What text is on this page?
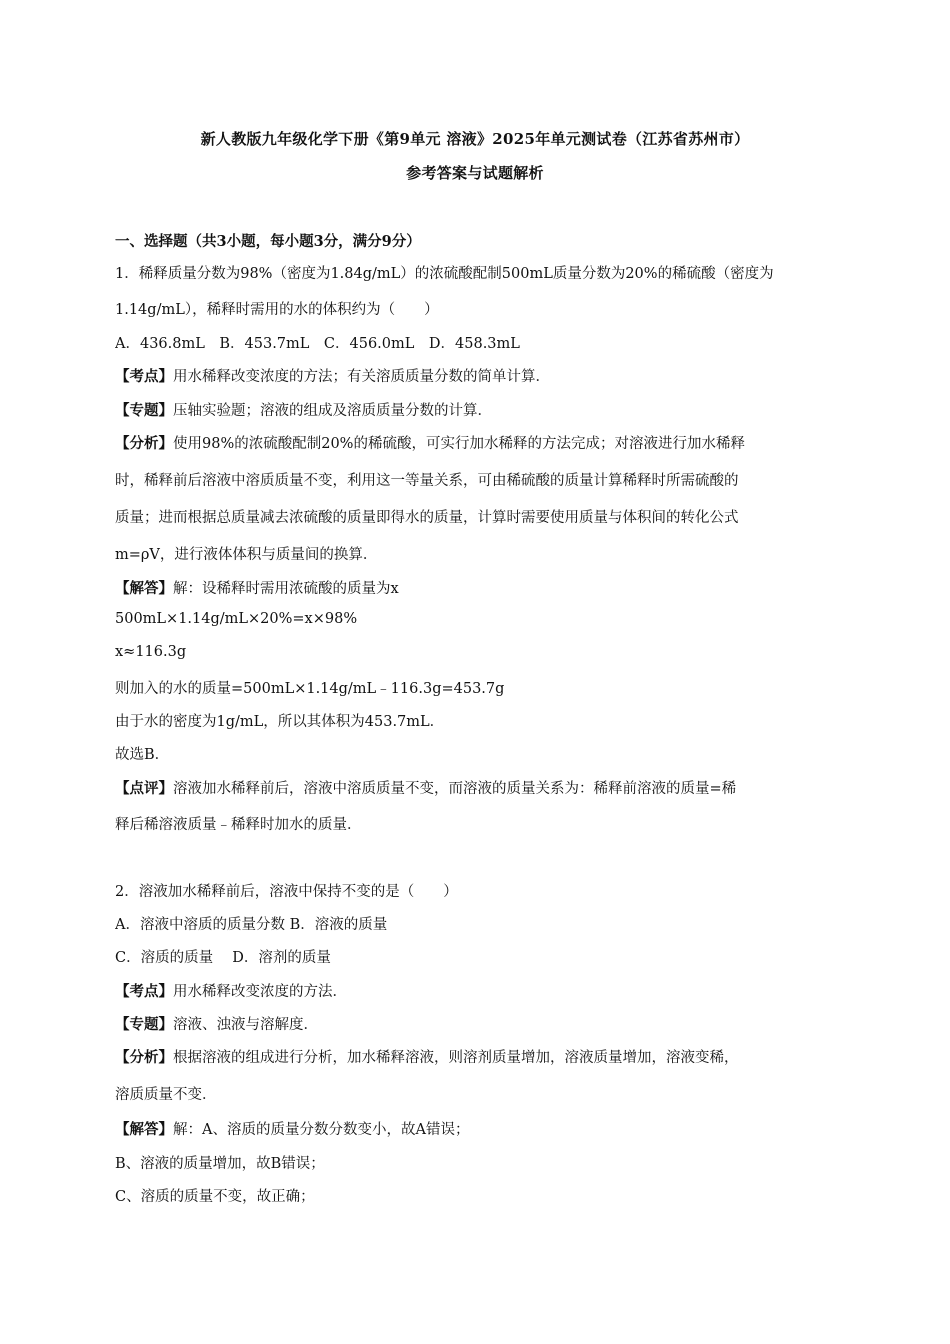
新人教版九年级化学下册《第9单元 溶液》2025年单元测试卷（江苏省苏州市）
参考答案与试题解析
一、选择题（共3小题，每小题3分，满分9分）
1．稀释质量分数为98%（密度为1.84g/mL）的浓硫酸配制500mL质量分数为20%的稀硫酸（密度为
1.14g/mL），稀释时需用的水的体积约为（　　）
A．436.8mL　B．453.7mL　C．456.0mL　D．458.3mL
【考点】用水稀释改变浓度的方法；有关溶质质量分数的简单计算．
【专题】压轴实验题；溶液的组成及溶质质量分数的计算．
【分析】使用98%的浓硫酸配制20%的稀硫酸，可实行加水稀释的方法完成；对溶液进行加水稀释
时，稀释前后溶液中溶质质量不变，利用这一等量关系，可由稀硫酸的质量计算稀释时所需硫酸的
质量；进而根据总质量减去浓硫酸的质量即得水的质量，计算时需要使用质量与体积间的转化公式
m=ρV，进行液体体积与质量间的换算．
【解答】解：设稀释时需用浓硫酸的质量为x
500mL×1.14g/mL×20%=x×98%
x≈116.3g
则加入的水的质量=500mL×1.14g/mL﹣116.3g=453.7g
由于水的密度为1g/mL，所以其体积为453.7mL．
故选B．
【点评】溶液加水稀释前后，溶液中溶质质量不变，而溶液的质量关系为：稀释前溶液的质量=稀
释后稀溶液质量﹣稀释时加水的质量．
2．溶液加水稀释前后，溶液中保持不变的是（　　）
A．溶液中溶质的质量分数 B．溶液的质量
C．溶质的质量　 D．溶剂的质量
【考点】用水稀释改变浓度的方法．
【专题】溶液、浊液与溶解度．
【分析】根据溶液的组成进行分析，加水稀释溶液，则溶剂质量增加，溶液质量增加，溶液变稀，
溶质质量不变．
【解答】解：A、溶质的质量分数分数变小，故A错误；
B、溶液的质量增加，故B错误；
C、溶质的质量不变，故正确；
